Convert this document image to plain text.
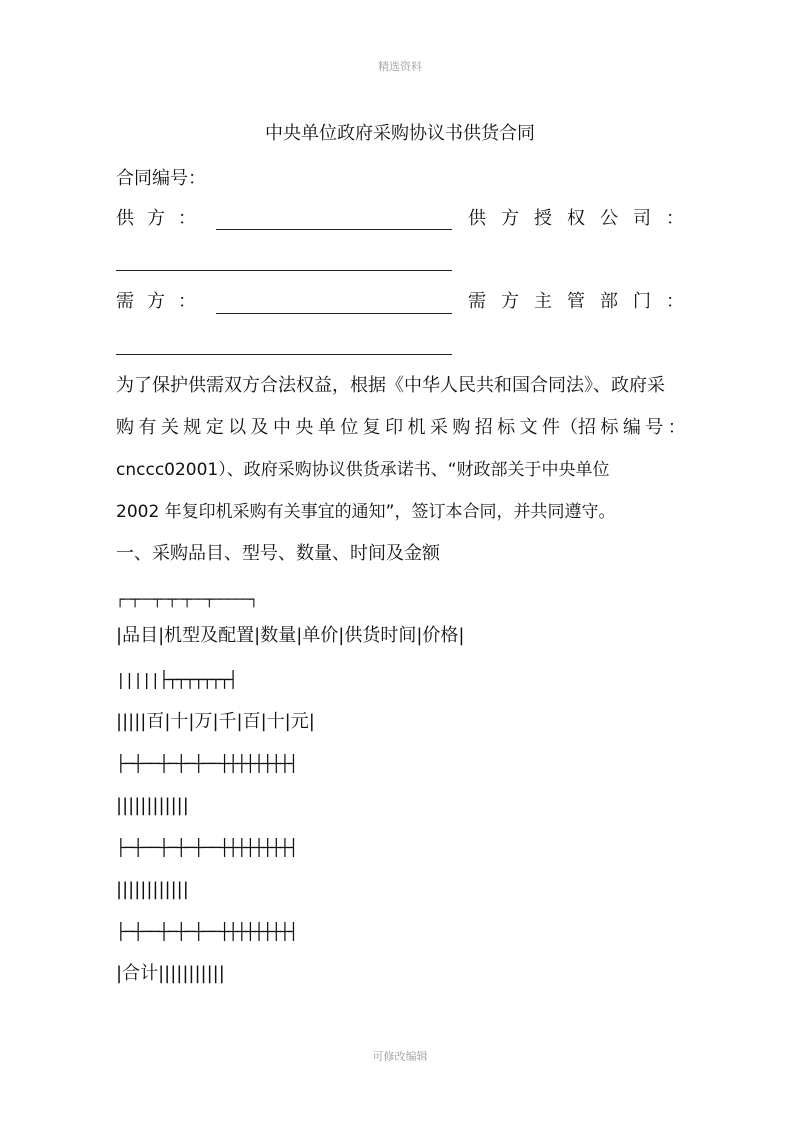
精选资料
中央单位政府采购协议书供货合同
合同编号：
供 方 ：	供 方 授 权 公 司 ：
需 方 ：	需 方 主 管 部 门 ：
为了保护供需双方合法权益，根据《中华人民共和国合同法》、政府采
购 有 关 规 定 以 及 中 央 单 位 复 印 机 采 购 招 标 文 件（招 标 编 号 ：
cnccc02001）、政府采购协议供货承诺书、“财政部关于中央单位
2002 年复印机采购有关事宜的通知”，签订本合同，并共同遵守。
一、采购品目、型号、数量、时间及金额
┌─┬──┬─┬─┬──┬─────┐
|品目|机型及配置|数量|单价|供货时间|价格|
|||||├┬┬┬┬┬┬┬┤
|||||百|十|万|千|百|十|元|
├─┼──┼─┼─┼──┼┼┼┼┼┼┼┼┤
||||||||||||
├─┼──┼─┼─┼──┼┼┼┼┼┼┼┼┤
||||||||||||
├─┼──┼─┼─┼──┼┼┼┼┼┼┼┼┤
|合计|||||||||||
可修改编辑
